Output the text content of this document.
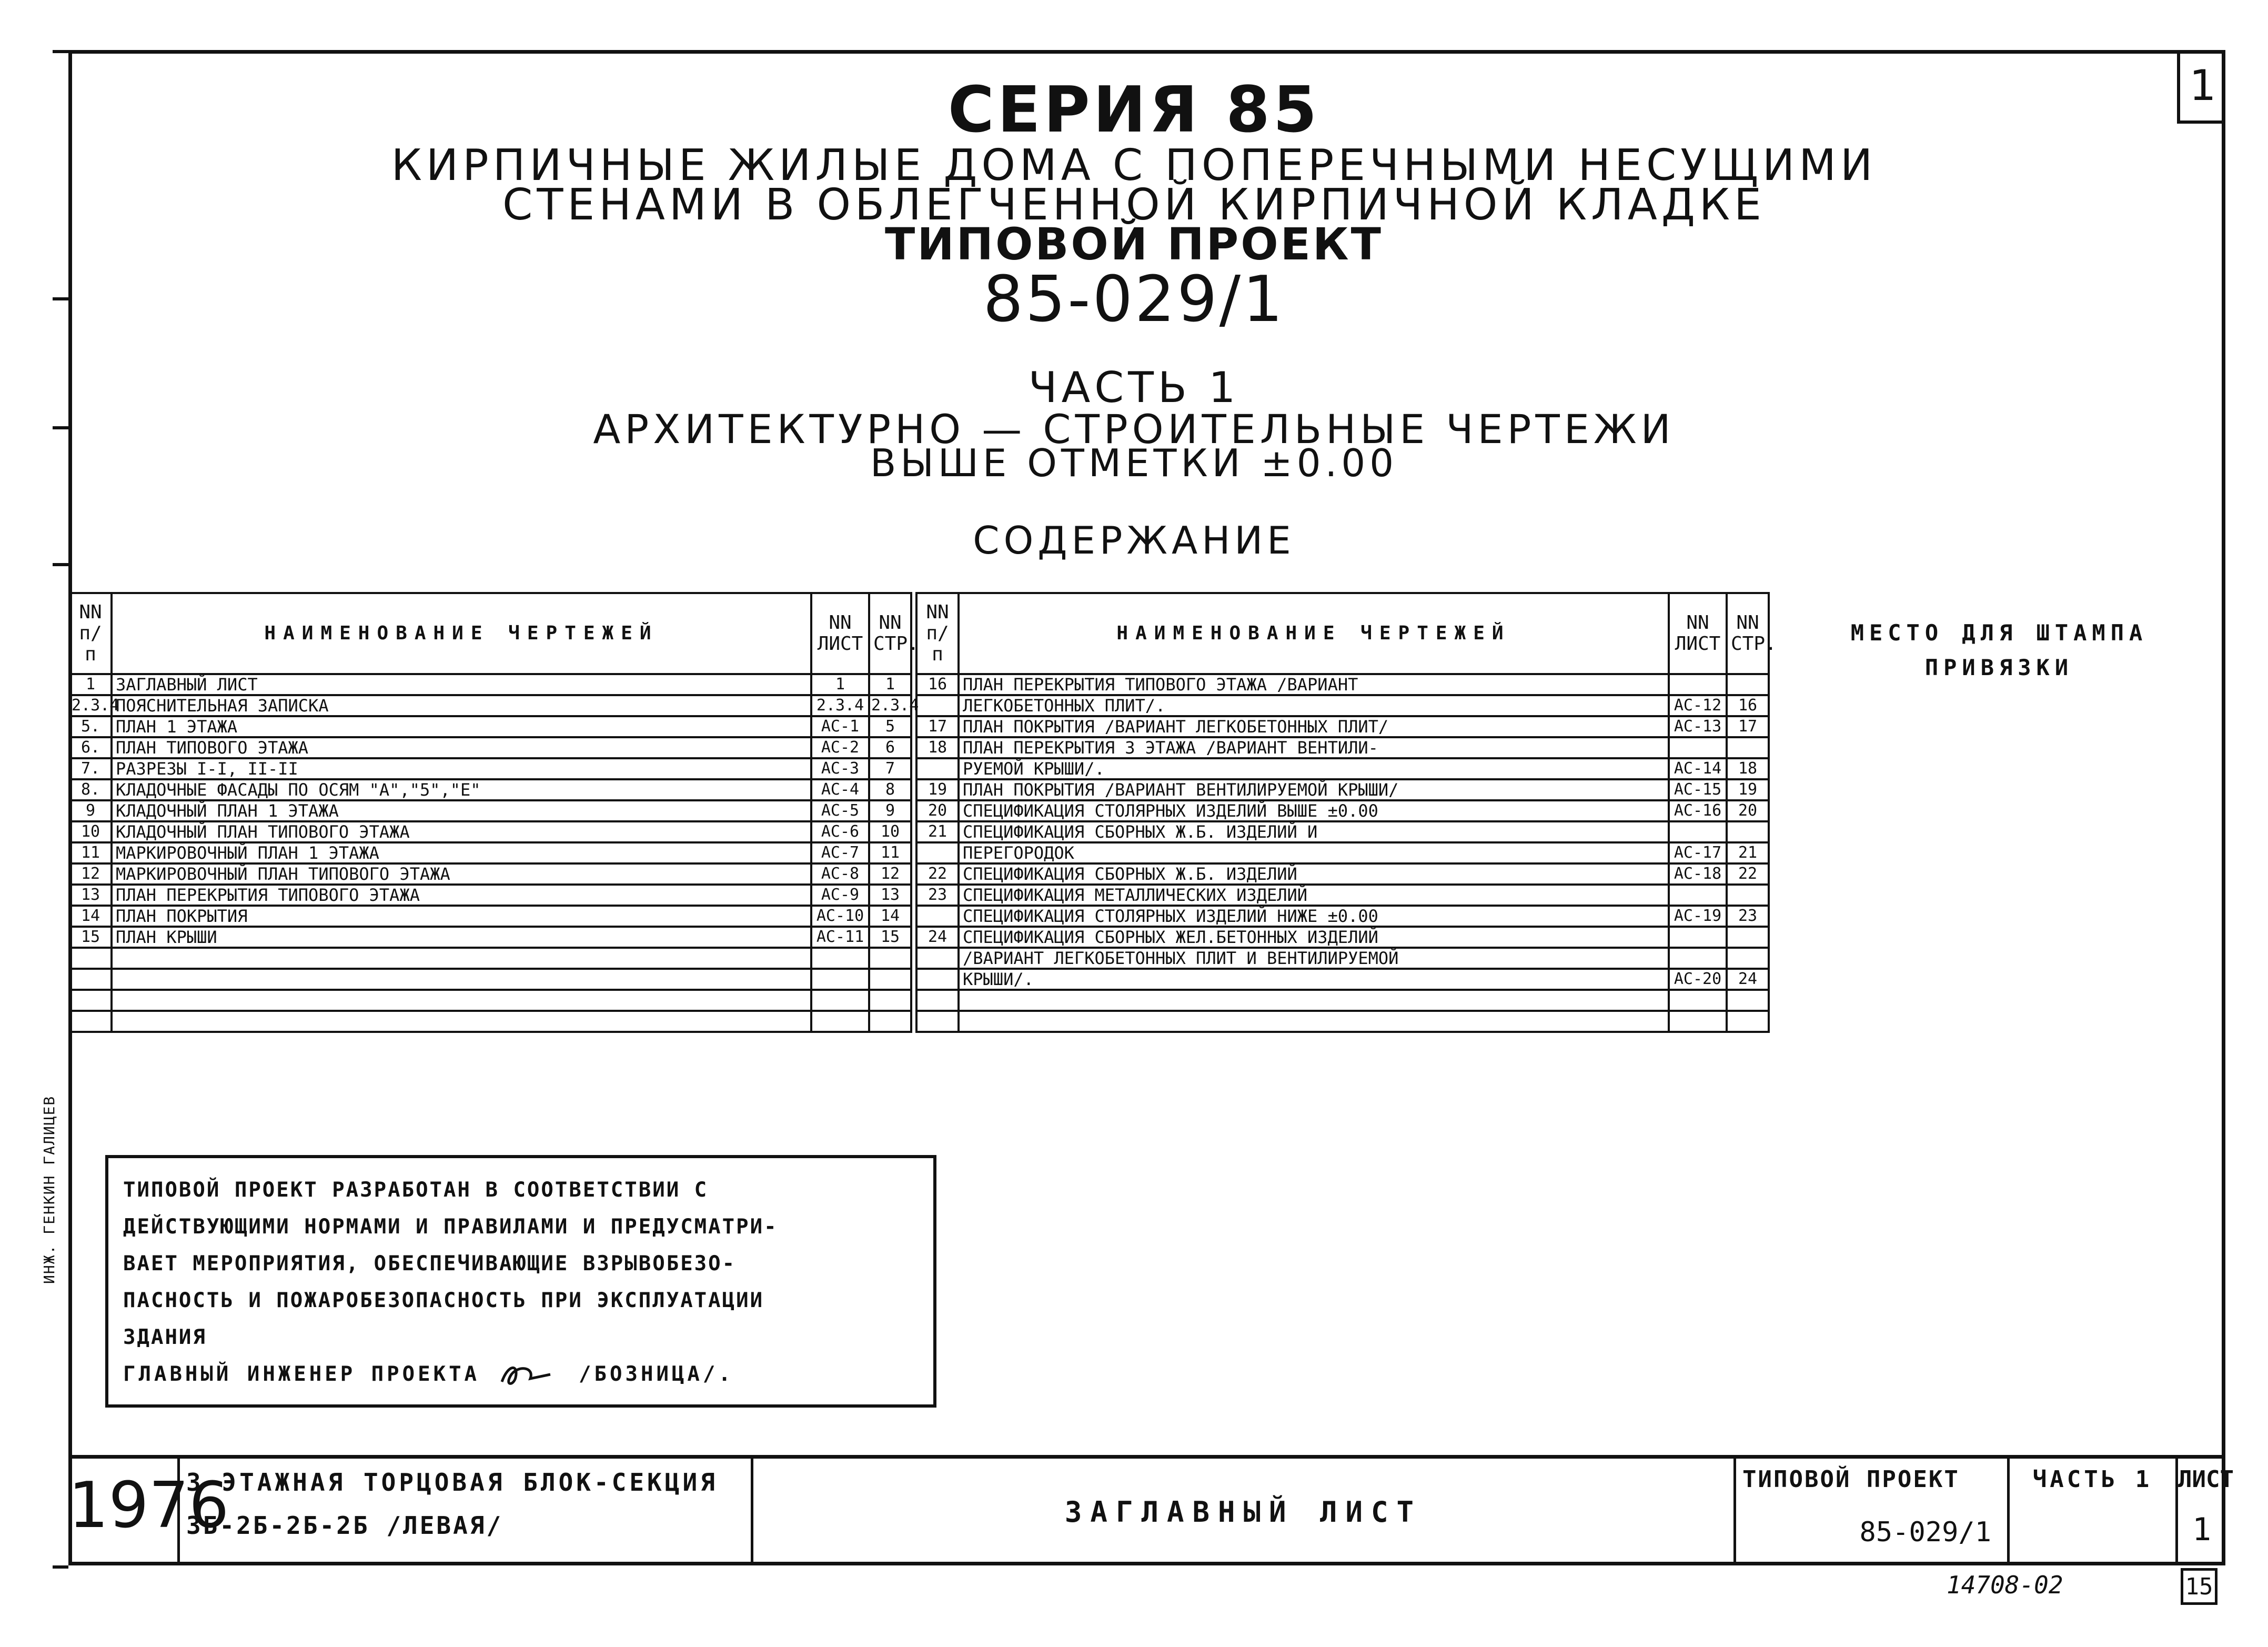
1
СЕРИЯ 85
КИРПИЧНЫЕ ЖИЛЫЕ ДОМА С ПОПЕРЕЧНЫМИ НЕСУЩИМИ
СТЕНАМИ В ОБЛЕГЧЕННОЙ КИРПИЧНОЙ КЛАДКЕ
ТИПОВОЙ ПРОЕКТ
85-029/1
ЧАСТЬ 1
АРХИТЕКТУРНО — СТРОИТЕЛЬНЫЕ ЧЕРТЕЖИ
ВЫШЕ ОТМЕТКИ ±0.00
СОДЕРЖАНИЕ
NN п/п	НАИМЕНОВАНИЕ ЧЕРТЕЖЕЙ	NN ЛИСТ	NN СТР.
1	ЗАГЛАВНЫЙ ЛИСТ	1	1
2.3.4	ПОЯСНИТЕЛЬНАЯ ЗАПИСКА	2.3.4	2.3.4
5.	ПЛАН 1 ЭТАЖА	АС-1	5
6.	ПЛАН ТИПОВОГО ЭТАЖА	АС-2	6
7.	РАЗРЕЗЫ I-I, II-II	АС-3	7
8.	КЛАДОЧНЫЕ ФАСАДЫ ПО ОСЯМ "А","5","Е"	АС-4	8
9	КЛАДОЧНЫЙ ПЛАН 1 ЭТАЖА	АС-5	9
10	КЛАДОЧНЫЙ ПЛАН ТИПОВОГО ЭТАЖА	АС-6	10
11	МАРКИРОВОЧНЫЙ ПЛАН 1 ЭТАЖА	АС-7	11
12	МАРКИРОВОЧНЫЙ ПЛАН ТИПОВОГО ЭТАЖА	АС-8	12
13	ПЛАН ПЕРЕКРЫТИЯ ТИПОВОГО ЭТАЖА	АС-9	13
14	ПЛАН ПОКРЫТИЯ	АС-10	14
15	ПЛАН КРЫШИ	АС-11	15

NN п/п	НАИМЕНОВАНИЕ ЧЕРТЕЖЕЙ	NN ЛИСТ	NN СТР.
16	ПЛАН ПЕРЕКРЫТИЯ ТИПОВОГО ЭТАЖА /ВАРИАНТ		
	ЛЕГКОБЕТОННЫХ ПЛИТ/.	АС-12	16
17	ПЛАН ПОКРЫТИЯ /ВАРИАНТ ЛЕГКОБЕТОННЫХ ПЛИТ/	АС-13	17
18	ПЛАН ПЕРЕКРЫТИЯ 3 ЭТАЖА /ВАРИАНТ ВЕНТИЛИ-		
	РУЕМОЙ КРЫШИ/.	АС-14	18
19	ПЛАН ПОКРЫТИЯ /ВАРИАНТ ВЕНТИЛИРУЕМОЙ КРЫШИ/	АС-15	19
20	СПЕЦИФИКАЦИЯ СТОЛЯРНЫХ ИЗДЕЛИЙ ВЫШЕ ±0.00	АС-16	20
21	СПЕЦИФИКАЦИЯ СБОРНЫХ Ж.Б. ИЗДЕЛИЙ И		
	ПЕРЕГОРОДОК	АС-17	21
22	СПЕЦИФИКАЦИЯ СБОРНЫХ Ж.Б. ИЗДЕЛИЙ	АС-18	22
23	СПЕЦИФИКАЦИЯ МЕТАЛЛИЧЕСКИХ ИЗДЕЛИЙ		
	СПЕЦИФИКАЦИЯ СТОЛЯРНЫХ ИЗДЕЛИЙ НИЖЕ ±0.00	АС-19	23
24	СПЕЦИФИКАЦИЯ СБОРНЫХ ЖЕЛ.БЕТОННЫХ ИЗДЕЛИЙ		
	/ВАРИАНТ ЛЕГКОБЕТОННЫХ ПЛИТ И ВЕНТИЛИРУЕМОЙ		
	КРЫШИ/.	АС-20	24

МЕСТО ДЛЯ ШТАМПА
ПРИВЯЗКИ
ТИПОВОЙ ПРОЕКТ РАЗРАБОТАН В СООТВЕТСТВИИ С
ДЕЙСТВУЮЩИМИ НОРМАМИ И ПРАВИЛАМИ И ПРЕДУСМАТРИ-
ВАЕТ МЕРОПРИЯТИЯ, ОБЕСПЕЧИВАЮЩИЕ ВЗРЫВОБЕЗО-
ПАСНОСТЬ И ПОЖАРОБЕЗОПАСНОСТЬ ПРИ ЭКСПЛУАТАЦИИ
ЗДАНИЯ
ГЛАВНЫЙ ИНЖЕНЕР ПРОЕКТА	/БОЗНИЦА/.
1976
3 ЭТАЖНАЯ ТОРЦОВАЯ БЛОК-СЕКЦИЯ
3Б-2Б-2Б-2Б /ЛЕВАЯ/	ЗАГЛАВНЫЙ ЛИСТ
ТИПОВОЙ ПРОЕКТ
85-029/1
ЧАСТЬ 1	ЛИСТ
1
ИНЖ. ГЕНКИН ГАЛИЦЕВ
14708-02	15
